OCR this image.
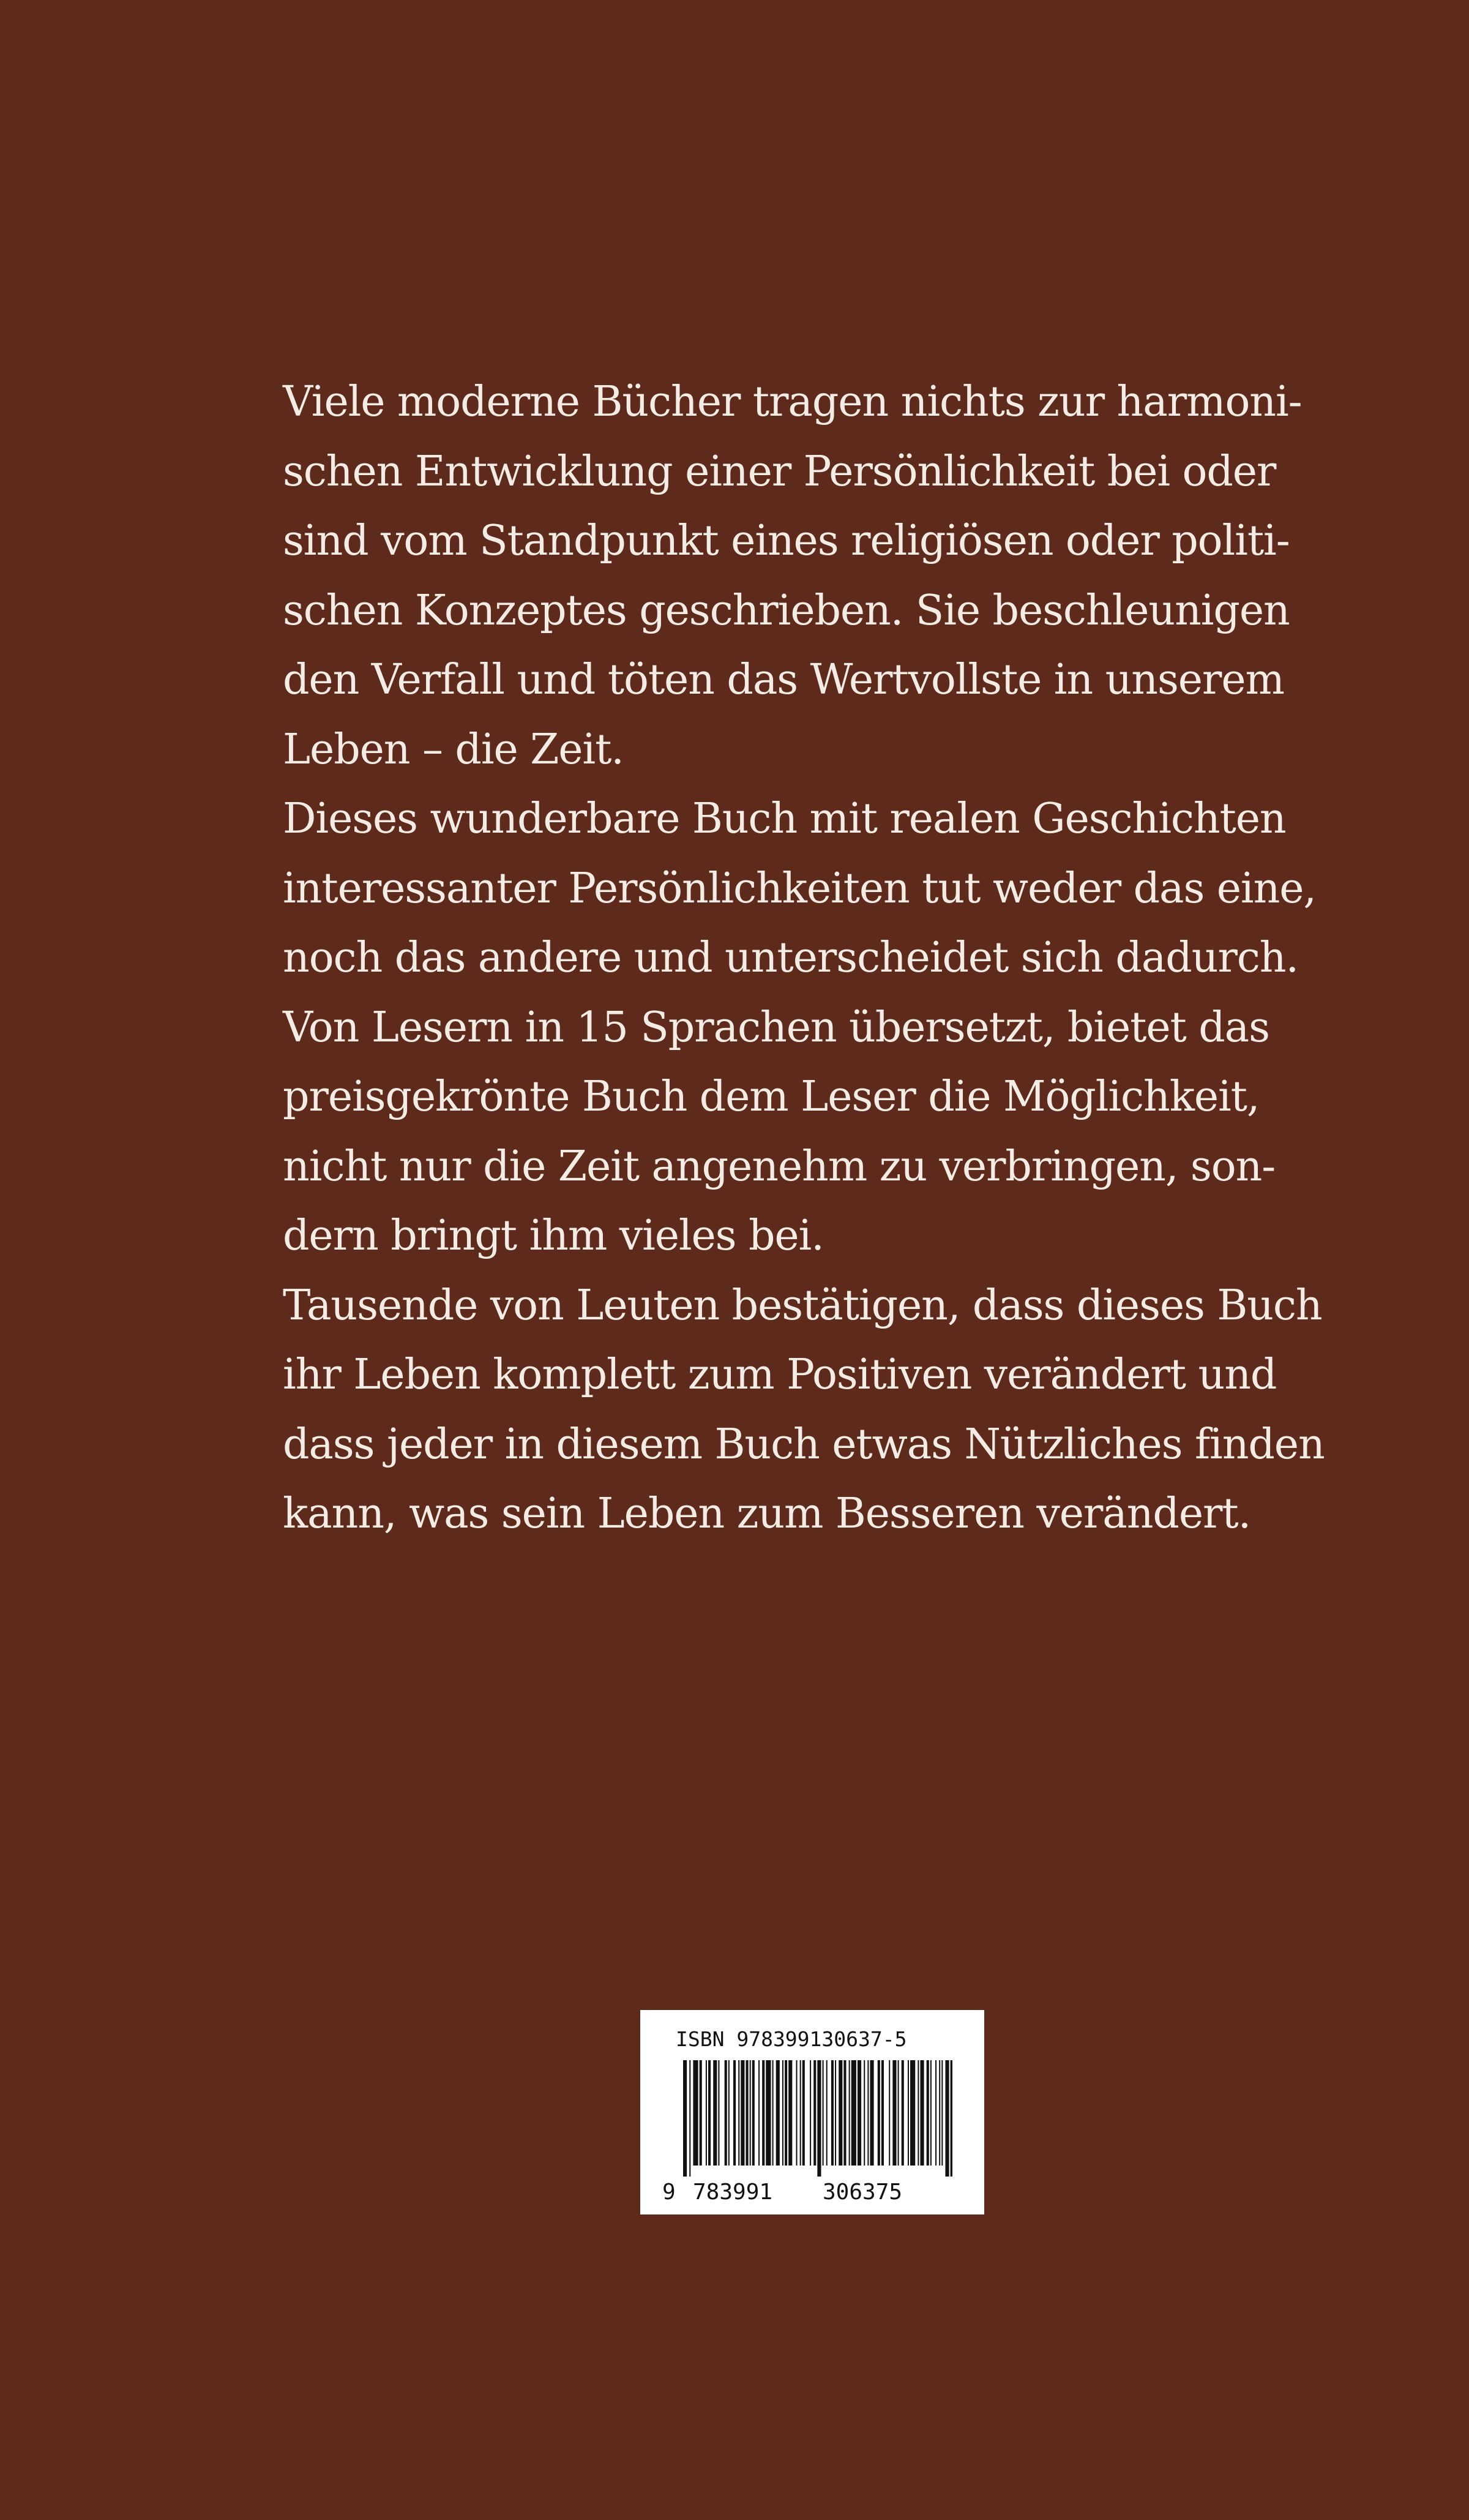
Viele moderne Bücher tragen nichts zur harmoni-
schen Entwicklung einer Persönlichkeit bei oder
sind vom Standpunkt eines religiösen oder politi-
schen Konzeptes geschrieben. Sie beschleunigen
den Verfall und töten das Wertvollste in unserem
Leben – die Zeit.
Dieses wunderbare Buch mit realen Geschichten
interessanter Persönlichkeiten tut weder das eine,
noch das andere und unterscheidet sich dadurch.
Von Lesern in 15 Sprachen übersetzt, bietet das
preisgekrönte Buch dem Leser die Möglichkeit,
nicht nur die Zeit angenehm zu verbringen, son-
dern bringt ihm vieles bei.
Tausende von Leuten bestätigen, dass dieses Buch
ihr Leben komplett zum Positiven verändert und
dass jeder in diesem Buch etwas Nützliches finden
kann, was sein Leben zum Besseren verändert.
ISBN 978399130637-5
9 783991 306375
